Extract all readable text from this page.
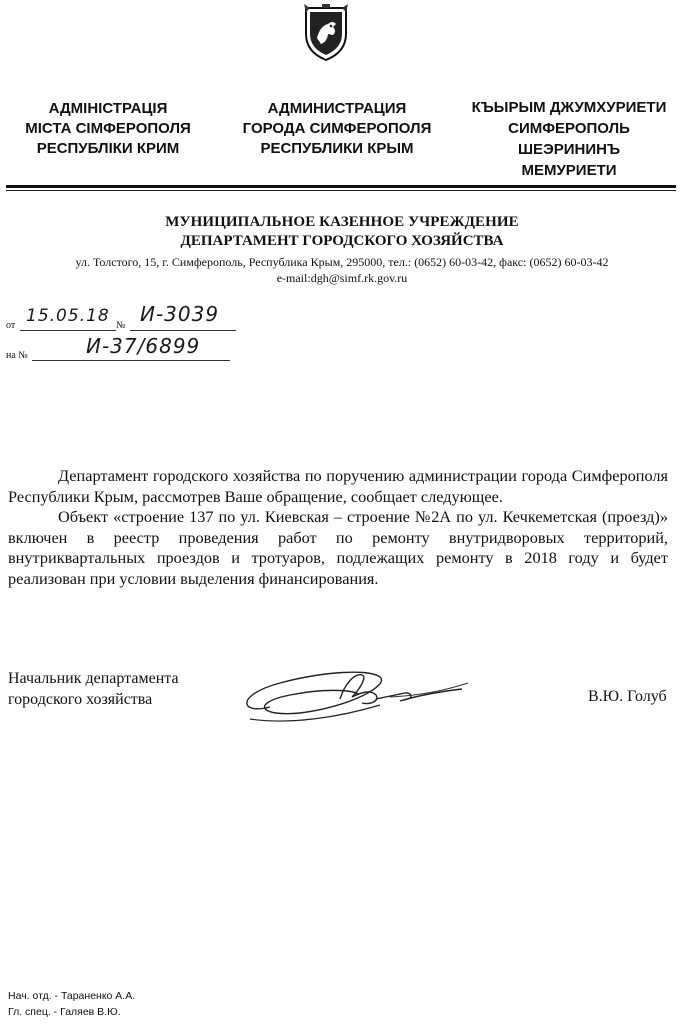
АДМІНІСТРАЦІЯ
МІСТА СІМФЕРОПОЛЯ
РЕСПУБЛІКИ КРИМ
АДМИНИСТРАЦИЯ
ГОРОДА СИМФЕРОПОЛЯ
РЕСПУБЛИКИ КРЫМ
КЪЫРЫМ ДЖУМХУРИЕТИ
СИМФЕРОПОЛЬ
ШЕЭРИНИНЪ
МЕМУРИЕТИ
МУНИЦИПАЛЬНОЕ КАЗЕННОЕ УЧРЕЖДЕНИЕ
ДЕПАРТАМЕНТ ГОРОДСКОГО ХОЗЯЙСТВА
ул. Толстого, 15, г. Симферополь, Республика Крым, 295000, тел.: (0652) 60-03-42, факс: (0652) 60-03-42
e-mail:dgh@simf.rk.gov.ru
от 15.05.18 № И-3039
на №	И-37/6899
Департамент городского хозяйства по поручению администрации города Симферополя Республики Крым, рассмотрев Ваше обращение, сообщает следующее.
Объект «строение 137 по ул. Киевская – строение №2А по ул. Кечкеметская (проезд)» включен в реестр проведения работ по ремонту внутридворовых территорий, внутриквартальных проездов и тротуаров, подлежащих ремонту в 2018 году и будет реализован при условии выделения финансирования.
Начальник департамента
городского хозяйства	В.Ю. Голуб
Нач. отд. - Тараненко А.А.
Гл. спец. - Галяев В.Ю.
